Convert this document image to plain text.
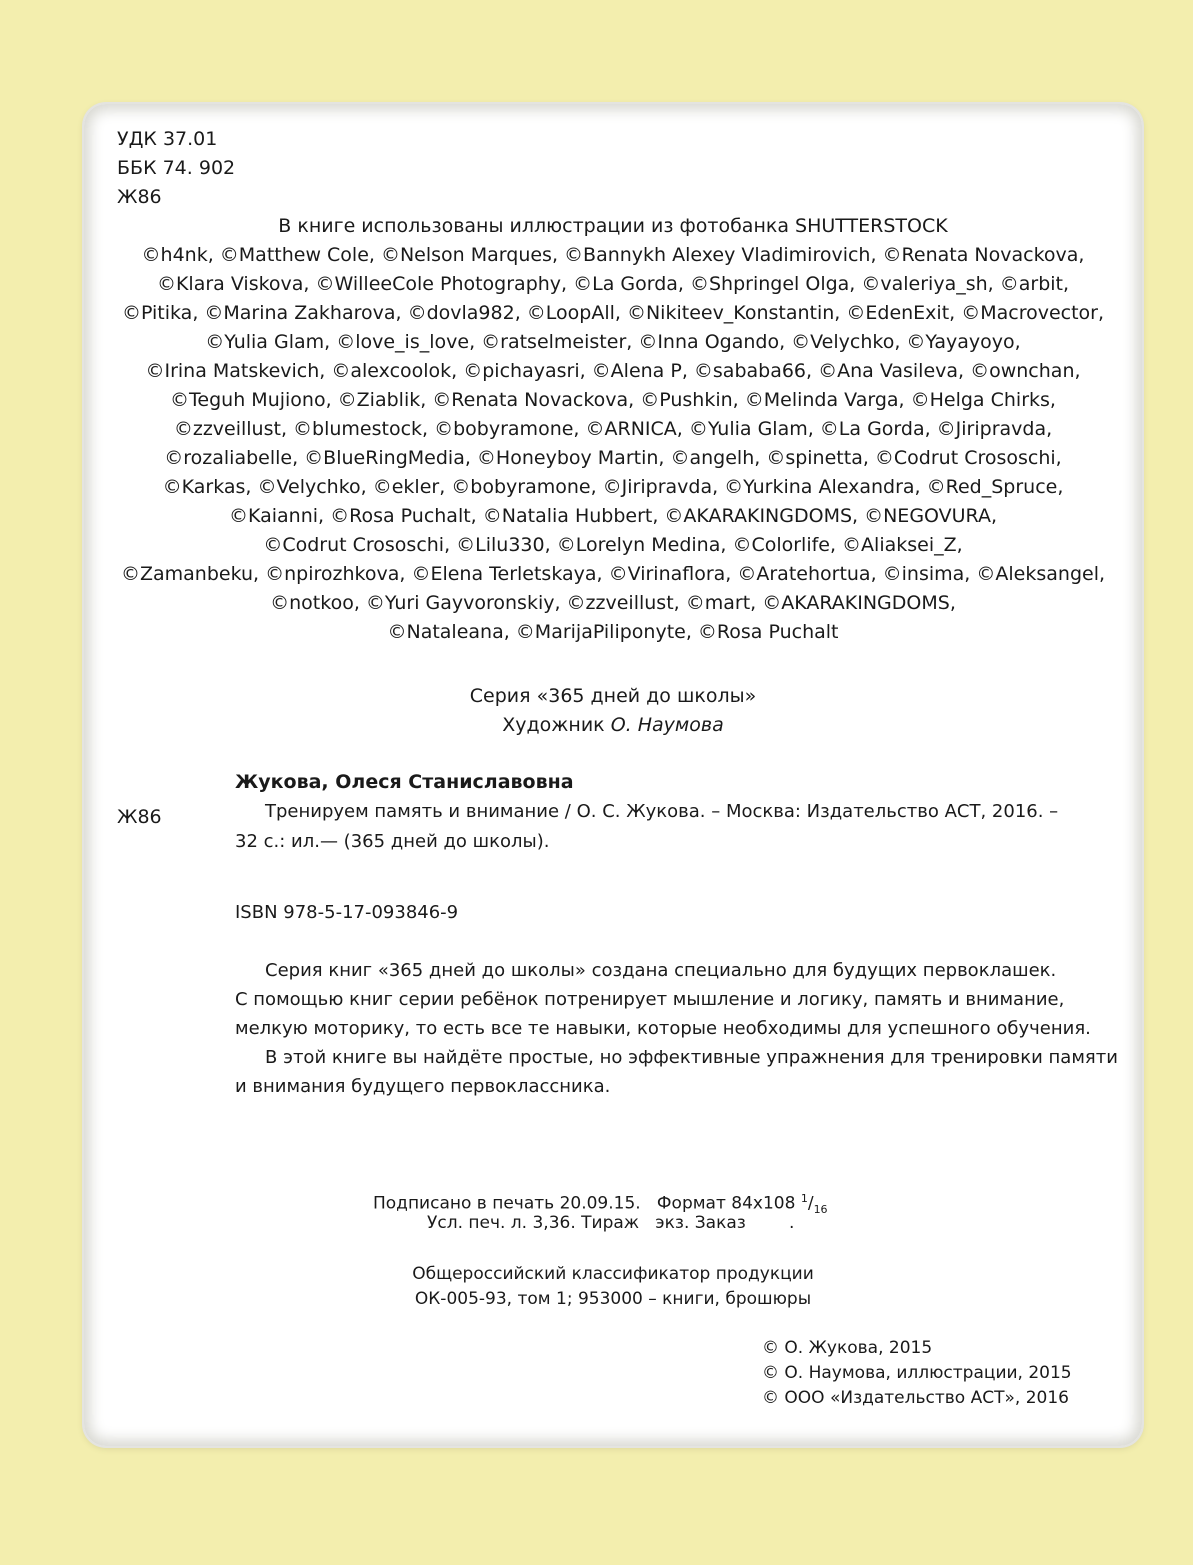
УДК 37.01

ББК 74. 902

Ж86

В книге использованы иллюстрации из фотобанка SHUTTERSTOCK
©h4nk, ©Matthew Cole, ©Nelson Marques, ©Bannykh Alexey Vladimirovich, ©Renata Novackova,
©Klara Viskova, ©WilleeCole Photography, ©La Gorda, ©Shpringel Olga, ©valeriya_sh, ©arbit,
©Pitika, ©Marina Zakharova, ©dovla982, ©LoopAll, ©Nikiteev_Konstantin, ©EdenExit, ©Macrovector,
©Yulia Glam, ©love_is_love, ©ratselmeister, ©Inna Ogando, ©Velychko, ©Yayayoyo,
©Irina Matskevich, ©alexcoolok, ©pichayasri, ©Alena P, ©sababa66, ©Ana Vasileva, ©ownchan,
©Teguh Mujiono, ©Ziablik, ©Renata Novackova, ©Pushkin, ©Melinda Varga, ©Helga Chirks,
©zzveillust, ©blumestock, ©bobyramone, ©ARNICA, ©Yulia Glam, ©La Gorda, ©Jiripravda,
©rozaliabelle, ©BlueRingMedia, ©Honeyboy Martin, ©angelh, ©spinetta, ©Codrut Crososchi,
©Karkas, ©Velychko, ©ekler, ©bobyramone, ©Jiripravda, ©Yurkina Alexandra, ©Red_Spruce,
©Kaianni, ©Rosa Puchalt, ©Natalia Hubbert, ©AKARAKINGDOMS, ©NEGOVURA,
©Codrut Crososchi, ©Lilu330, ©Lorelyn Medina, ©Colorlife, ©Aliaksei_Z,
©Zamanbeku, ©npirozhkova, ©Elena Terletskaya, ©Virinaflora, ©Aratehortua, ©insima, ©Aleksangel,
©notkoo, ©Yuri Gayvoronskiy, ©zzveillust, ©mart, ©AKARAKINGDOMS,
©Nataleana, ©MarijaPiliponyte, ©Rosa Puchalt

Серия «365 дней до школы»

Художник О. Наумова

Жукова, Олеся Станиславовна

Ж86	Тренируем память и внимание / О. С. Жукова. – Москва: Издательство АСТ, 2016. –

32 с.: ил.— (365 дней до школы).

ISBN 978-5-17-093846-9

Серия книг «365 дней до школы» создана специально для будущих первоклашек.

С помощью книг серии ребёнок потренирует мышление и логику, память и внимание,

мелкую моторику, то есть все те навыки, которые необходимы для успешного обучения.

В этой книге вы найдёте простые, но эффективные упражнения для тренировки памяти

и внимания будущего первоклассника.

Подписано в печать 20.09.15. Формат 84х108 $^1/_{16}$

Усл. печ. л. 3,36. Тираж   экз. Заказ        .

Общероссийский классификатор продукции

ОК-005-93, том 1; 953000 – книги, брошюры

© О. Жукова, 2015

© О. Наумова, иллюстрации, 2015

© ООО «Издательство АСТ», 2016
